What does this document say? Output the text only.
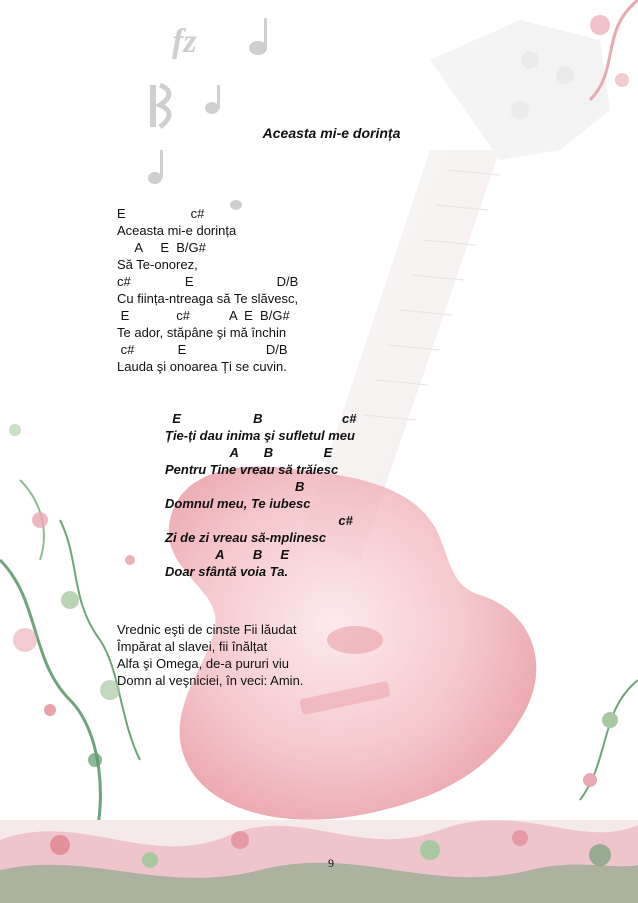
fz
Aceasta mi-e dorința
E                  c#
Aceasta mi-e dorința
A     E  B/G#
Să Te-onorez,
c#               E                       D/B
Cu ființa-ntreaga să Te slăvesc,
E             c#           A  E  B/G#
Te ador, stăpâne şi mă închin
c#            E                      D/B
Lauda şi onoarea Ți se cuvin.
E                    B                      c#
Ție-ți dau inima şi sufletul meu
A       B              E
Pentru Tine vreau să trăiesc
B
Domnul meu, Te iubesc
c#
Zi de zi vreau să-mplinesc
A        B     E
Doar sfântă voia Ta.
Vrednic eşti de cinste Fii lăudat
Împărat al slavei, fii înălțat
Alfa şi Omega, de-a pururi viu
Domn al veşniciei, în veci: Amin.
9
